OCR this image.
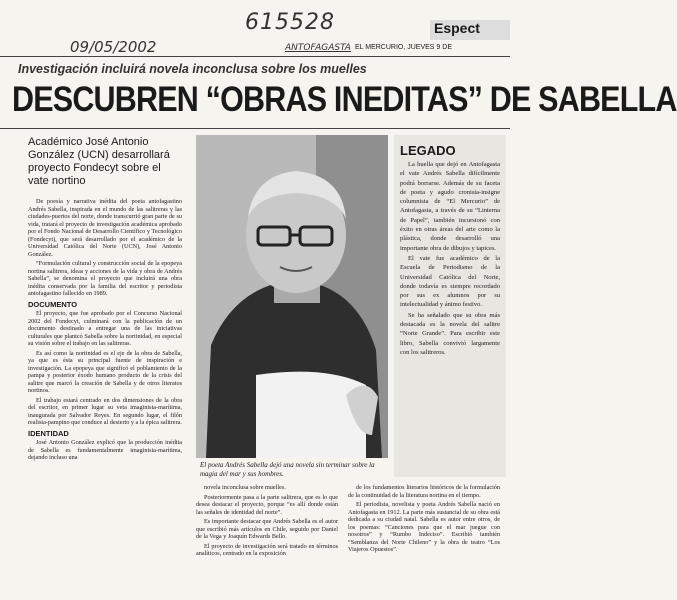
615528
09/05/2002	ANTOFAGASTA
Espect
EL MERCURIO, JUEVES 9 DE
Investigación incluirá novela inconclusa sobre los muelles
DESCUBREN “OBRAS INEDITAS” DE SABELLA
Académico José Antonio González (UCN) desarrollará proyecto Fondecyt sobre el vate nortino

De poesía y narrativa inédita del poeta antofagastino Andrés Sabella, inspirada en el mundo de las salitreras y las ciudades-puertos del norte, donde transcurrió gran parte de su vida, tratará el proyecto de investigación académica aprobado por el Fondo Nacional de Desarrollo Científico y Tecnológico (Fondecyt), que será desarrollado por el académico de la Universidad Católica del Norte (UCN), José Antonio González.

“Formulación cultural y construcción social de la epopeya nortina salitrera, ideas y acciones de la vida y obra de Andrés Sabella”, se denomina el proyecto que incluirá una obra inédita conservada por la familia del escritor y periodista antofagastino fallecido en 1989.

DOCUMENTO

El proyecto, que fue aprobado por el Concurso Nacional 2002 del Fondecyt, culminará con la publicación de un documento destinado a entregar una de las iniciativas culturales que plantcó Sabella sobre la nortinidad, en especial su visión sobre el trabajo en las salitreras.

Es así como la nortinidad es el eje de la obra de Sabella, ya que es ésta su principal fuente de inspiración e investigación. La epopeya que significó el poblamiento de la pampa y posterior éxodo humano producto de la crisis del salitre que marcó la creación de Sabella y de otros literatos nortinos.

El trabajo estará centrado en dos dimensiones de la obra del escritor, en primer lugar su veta imaginista-marítima, inaugurada por Salvador Reyes. En segundo lugar, el filón realista-pampino que conduce al desierto y a la épica salitrera.

IDENTIDAD

José Antonio González explicó que la producción inédita de Sabella es fundamentalmente imaginista-marítima, dejando incluso una

El poeta Andrés Sabella dejó una novela sin terminar sobre la magia del mar y sus hombres.
LEGADO

La huella que dejó en Antofagasta el vate Andrés Sabella difícilmente podrá borrarse. Además de su faceta de poeta y agudo cronista-insigne columnista de “El Mercurio” de Antofagasta, a través de su “Linterna de Papel”, también incursionó con éxito en otras áreas del arte como la plástica, donde desarrolló una importante obra de dibujos y tapices.

El vate fue académico de la Escuela de Periodismo de la Universidad Católica del Norte, donde todavía es siempre recordado por sus ex alumnos por su intelectualidad y ánimo festivo.

Se ha señalado que su obra más destacada es la novela del salitre “Norte Grande”. Para escribir este libro, Sabella convivió largamente con los salitreros.

novela inconclusa sobre muelles.

Posteriormente pasa a la parte salitrera, que es lo que desea destacar el proyecto, porque “es allí donde están las señales de identidad del norte”.

Es importante destacar que Andrés Sabella es el autor que escribió más artículos en Chile, seguido por Daniel de la Vega y Joaquín Edwards Bello.

El proyecto de investigación será tratado en términos analíticos, centrado en la exposición

de los fundamentos literarios históricos de la formulación de la continuidad de la literatura nortina en el tiempo.

El periodista, novelista y poeta Andrés Sabella nació en Antofagasta en 1912. La parte más sustancial de su obra está dedicada a su ciudad natal. Sabella es autor entre otros, de los poemas: “Canciones para que el mar juegue con nosotros” y “Rumbo Indeciso”. Escribió también “Semblanza del Norte Chileno” y la obra de teatro “Los Viajeros Opuestos”.
